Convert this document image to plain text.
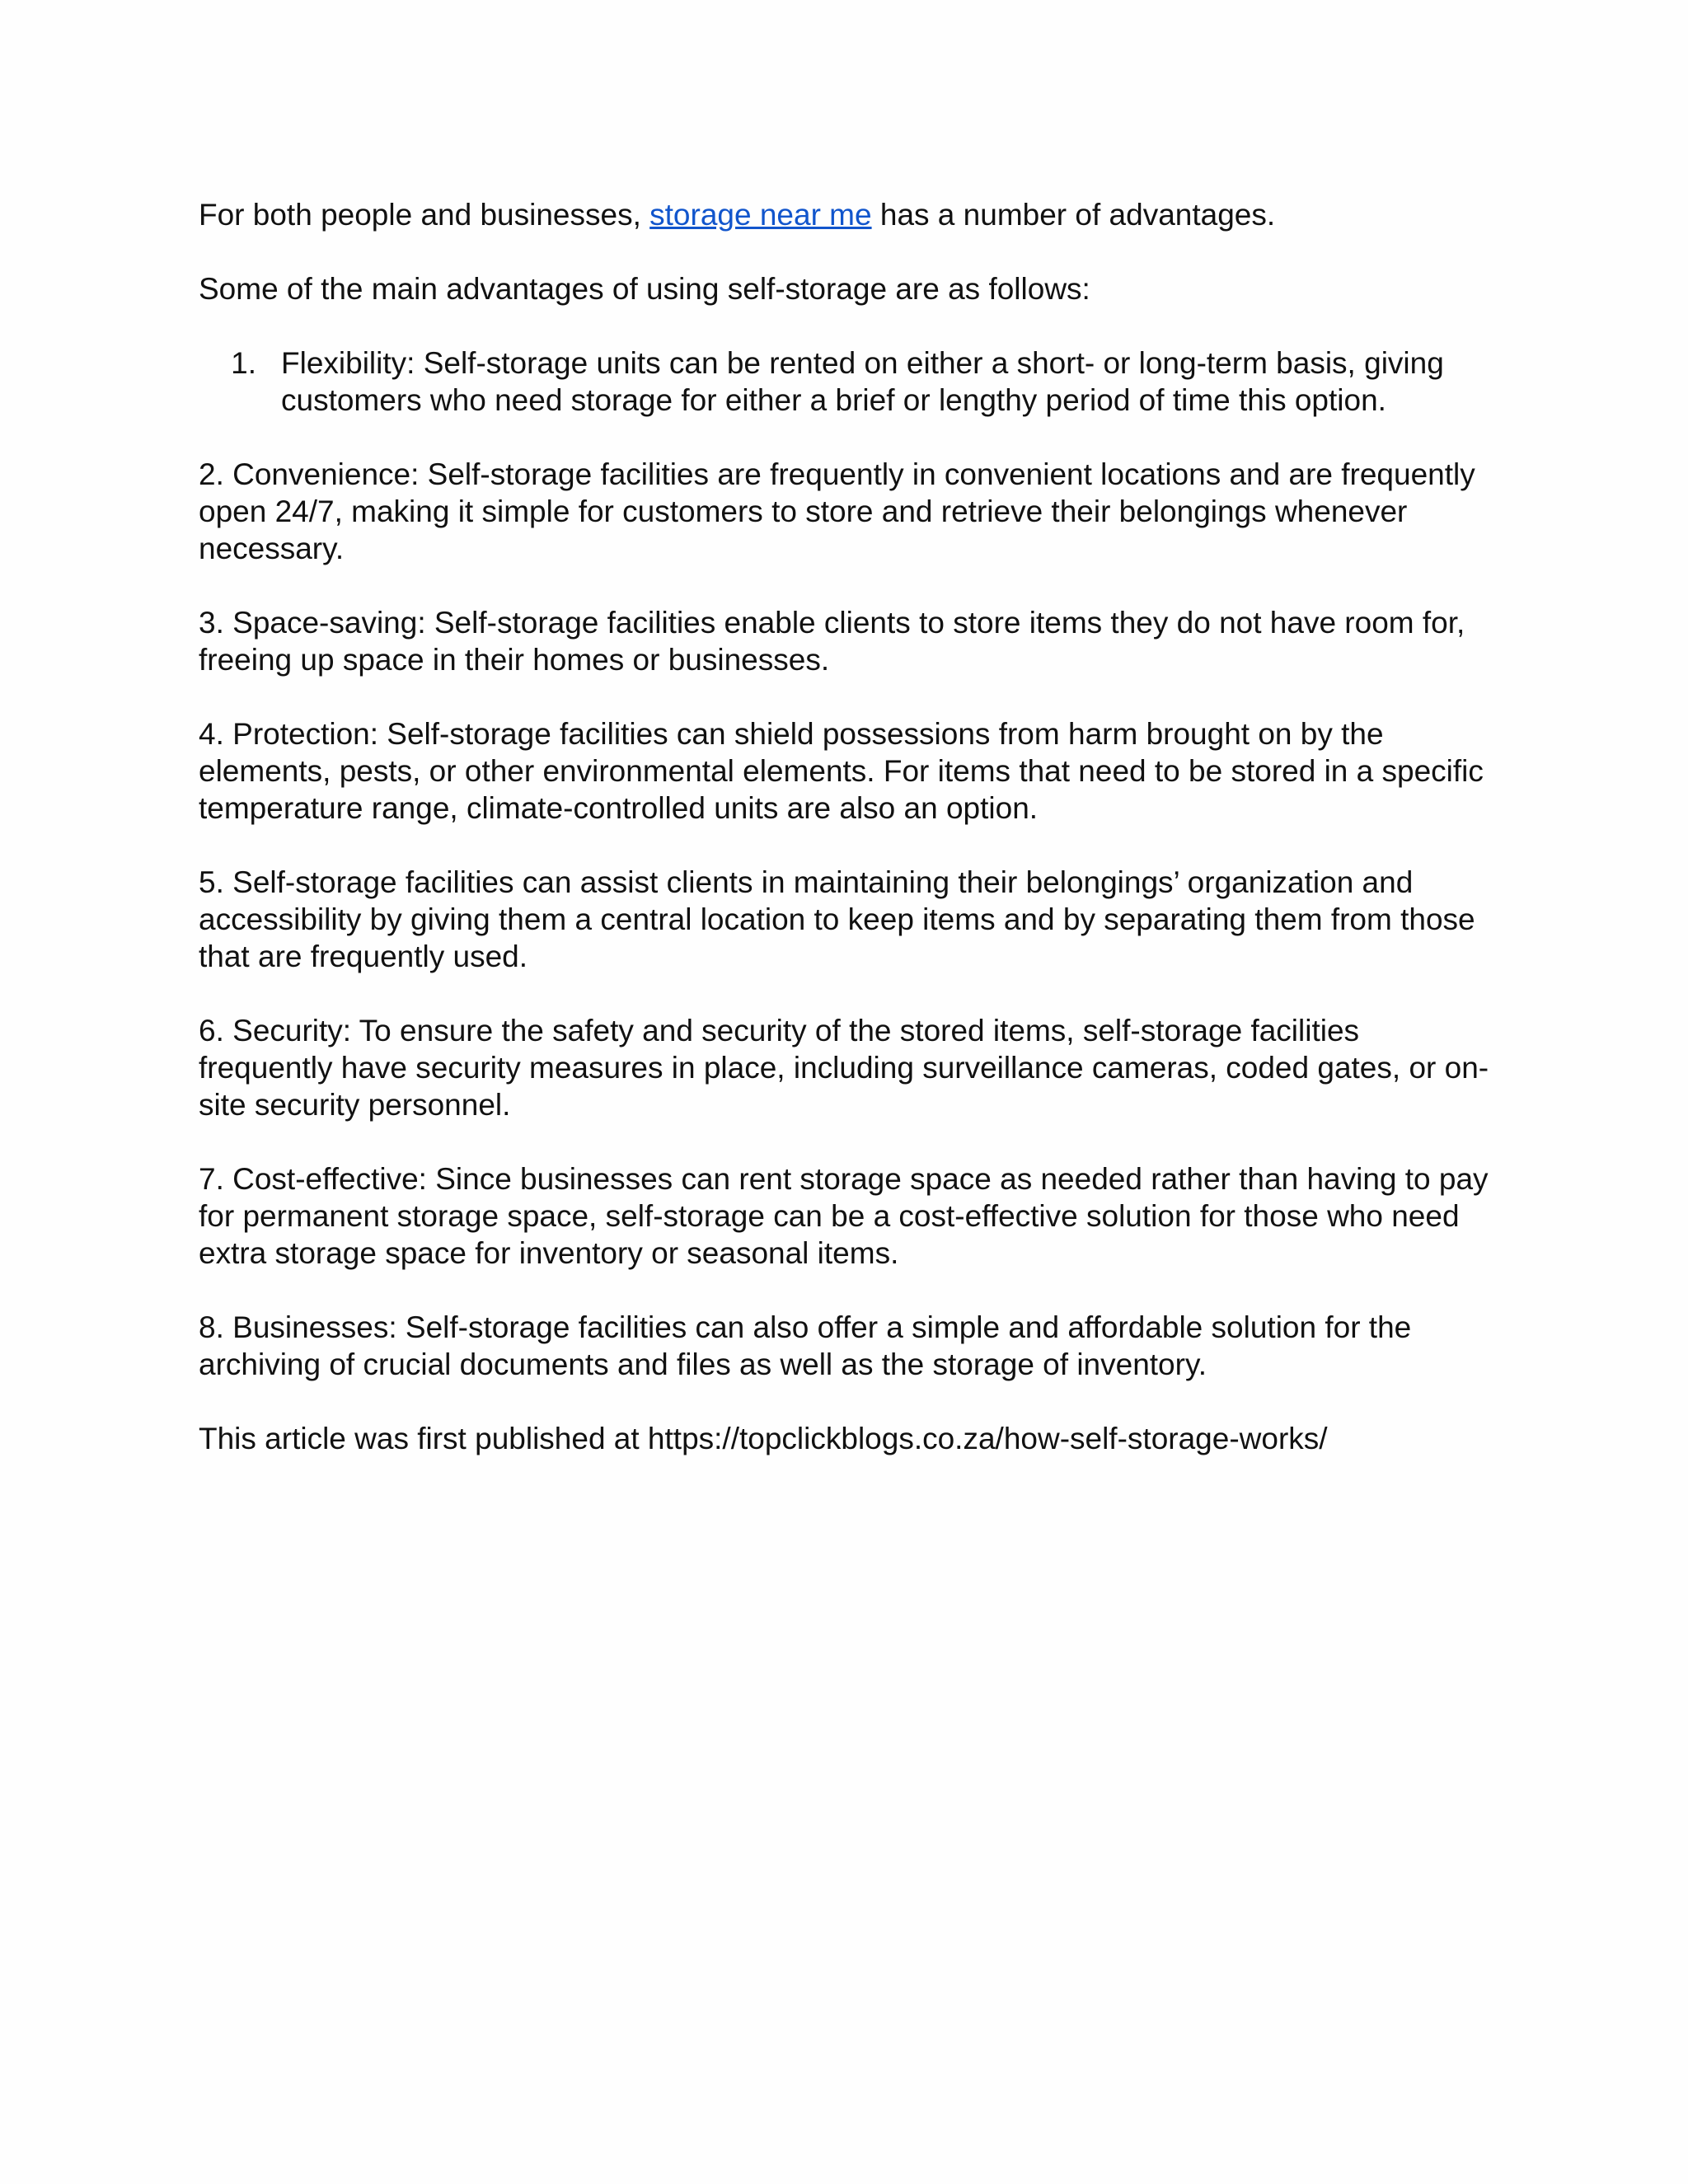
For both people and businesses, storage near me has a number of advantages.

Some of the main advantages of using self-storage are as follows:

1. Flexibility: Self-storage units can be rented on either a short- or long-term basis, giving customers who need storage for either a brief or lengthy period of time this option.

2. Convenience: Self-storage facilities are frequently in convenient locations and are frequently open 24/7, making it simple for customers to store and retrieve their belongings whenever necessary.

3. Space-saving: Self-storage facilities enable clients to store items they do not have room for, freeing up space in their homes or businesses.

4. Protection: Self-storage facilities can shield possessions from harm brought on by the elements, pests, or other environmental elements. For items that need to be stored in a specific temperature range, climate-controlled units are also an option.

5. Self-storage facilities can assist clients in maintaining their belongings’ organization and accessibility by giving them a central location to keep items and by separating them from those that are frequently used.

6. Security: To ensure the safety and security of the stored items, self-storage facilities frequently have security measures in place, including surveillance cameras, coded gates, or on-site security personnel.

7. Cost-effective: Since businesses can rent storage space as needed rather than having to pay for permanent storage space, self-storage can be a cost-effective solution for those who need extra storage space for inventory or seasonal items.

8. Businesses: Self-storage facilities can also offer a simple and affordable solution for the archiving of crucial documents and files as well as the storage of inventory.

This article was first published at https://topclickblogs.co.za/how-self-storage-works/
